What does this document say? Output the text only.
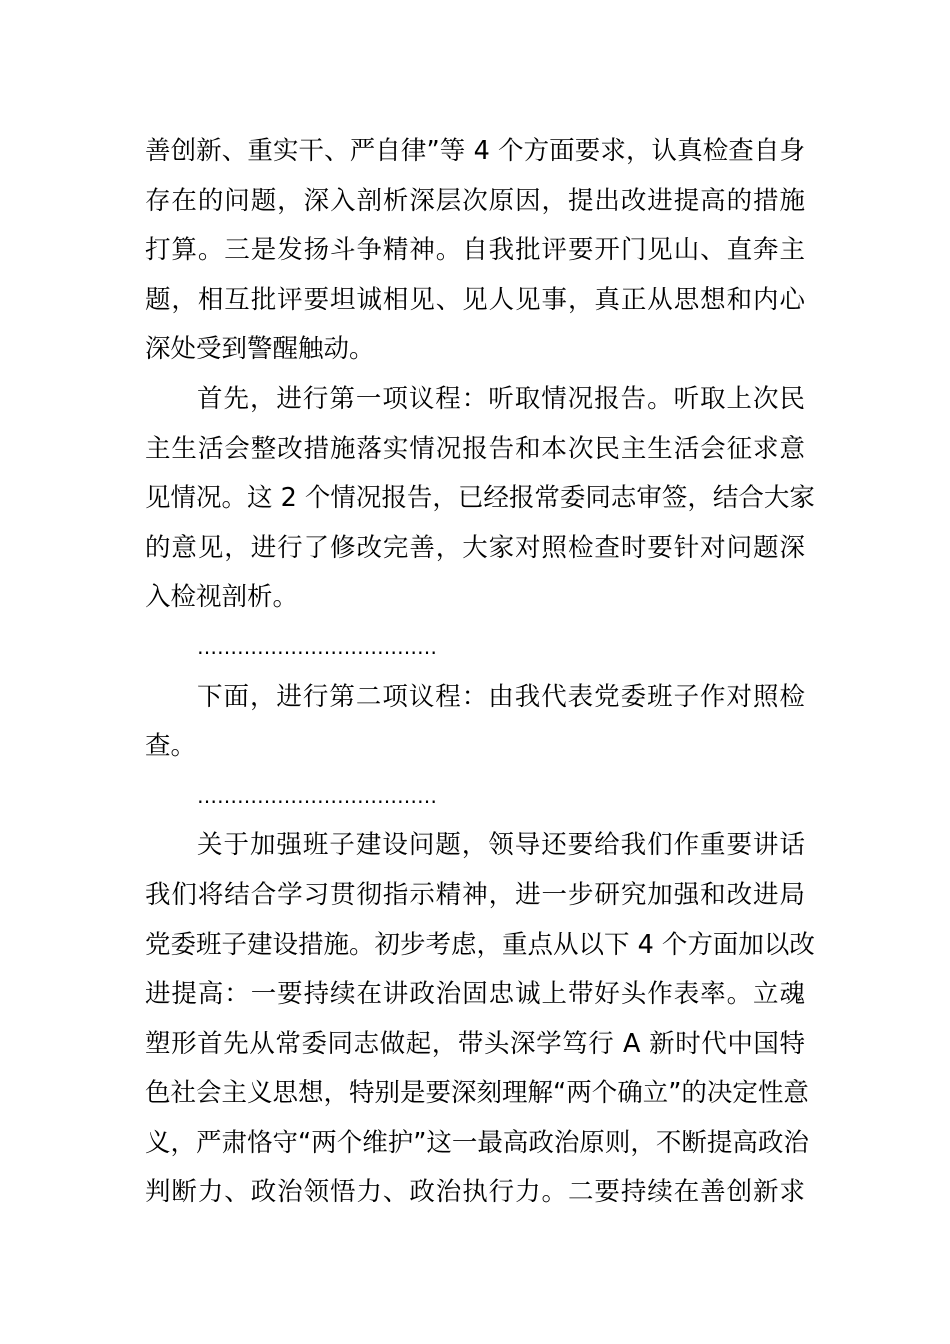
善创新、重实干、严自律”等 4 个方面要求，认真检查自身
存在的问题，深入剖析深层次原因，提出改进提高的措施
打算。三是发扬斗争精神。自我批评要开门见山、直奔主
题，相互批评要坦诚相见、见人见事，真正从思想和内心
深处受到警醒触动。
首先，进行第一项议程：听取情况报告。听取上次民
主生活会整改措施落实情况报告和本次民主生活会征求意
见情况。这 2 个情况报告，已经报常委同志审签，结合大家
的意见，进行了修改完善，大家对照检查时要针对问题深
入检视剖析。
………………………………
下面，进行第二项议程：由我代表党委班子作对照检
查。
………………………………
关于加强班子建设问题，领导还要给我们作重要讲话
我们将结合学习贯彻指示精神，进一步研究加强和改进局
党委班子建设措施。初步考虑，重点从以下 4 个方面加以改
进提高：一要持续在讲政治固忠诚上带好头作表率。立魂
塑形首先从常委同志做起，带头深学笃行 A 新时代中国特
色社会主义思想，特别是要深刻理解“两个确立”的决定性意
义，严肃恪守“两个维护”这一最高政治原则，不断提高政治
判断力、政治领悟力、政治执行力。二要持续在善创新求
